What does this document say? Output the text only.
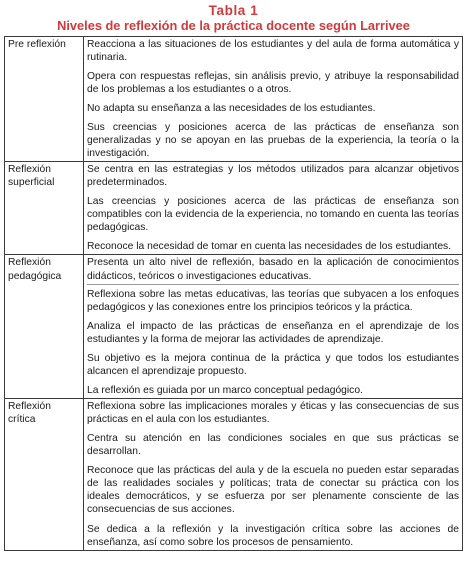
Tabla 1
Niveles de reflexión de la práctica docente según Larrivee
Pre reflexión	Reacciona a las situaciones de los estudiantes y del aula de forma automática y rutinaria.
Opera con respuestas reflejas, sin análisis previo, y atribuye la responsabilidad de los problemas a los estudiantes o a otros.
No adapta su enseñanza a las necesidades de los estudiantes.
Sus creencias y posiciones acerca de las prácticas de enseñanza son generalizadas y no se apoyan en las pruebas de la experiencia, la teoría o la investigación.

Reflexión superficial	Se centra en las estrategias y los métodos utilizados para alcanzar objetivos predeterminados.
Las creencias y posiciones acerca de las prácticas de enseñanza son compatibles con la evidencia de la experiencia, no tomando en cuenta las teorías pedagógicas.
Reconoce la necesidad de tomar en cuenta las necesidades de los estudiantes.

Reflexión pedagógica	Presenta un alto nivel de reflexión, basado en la aplicación de conocimientos didácticos, teóricos o investigaciones educativas.
Reflexiona sobre las metas educativas, las teorías que subyacen a los enfoques pedagógicos y las conexiones entre los principios teóricos y la práctica.
Analiza el impacto de las prácticas de enseñanza en el aprendizaje de los estudiantes y la forma de mejorar las actividades de aprendizaje.
Su objetivo es la mejora continua de la práctica y que todos los estudiantes alcancen el aprendizaje propuesto.
La reflexión es guiada por un marco conceptual pedagógico.

Reflexión crítica	Reflexiona sobre las implicaciones morales y éticas y las consecuencias de sus prácticas en el aula con los estudiantes.
Centra su atención en las condiciones sociales en que sus prácticas se desarrollan.
Reconoce que las prácticas del aula y de la escuela no pueden estar separadas de las realidades sociales y políticas; trata de conectar su práctica con los ideales democráticos, y se esfuerza por ser plenamente consciente de las consecuencias de sus acciones.
Se dedica a la reflexión y la investigación crítica sobre las acciones de enseñanza, así como sobre los procesos de pensamiento.
